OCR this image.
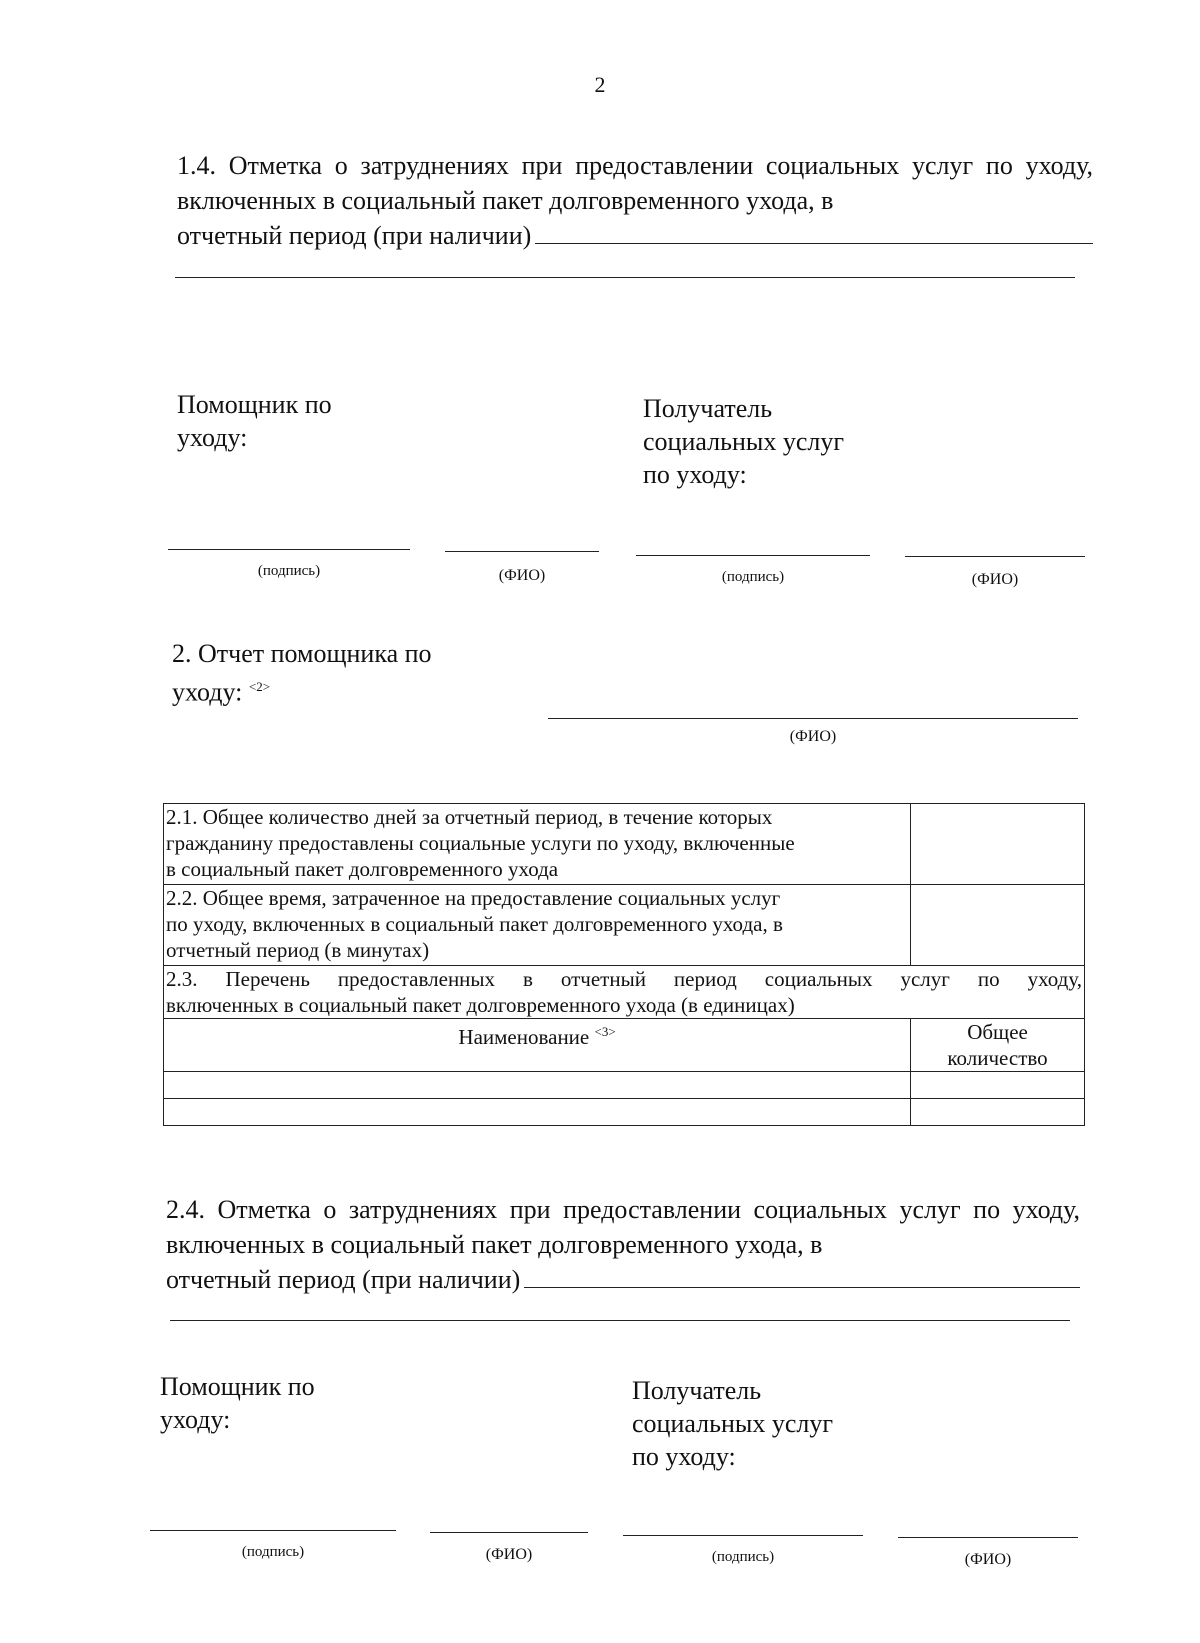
2
1.4. Отметка о затруднениях при предоставлении социальных услуг по уходу, включенных в социальный пакет долговременного ухода, в
отчетный период (при наличии)
Помощник по
уходу:
Получатель
социальных услуг
по уходу:
(подпись)	(ФИО)	(подпись)	(ФИО)
2. Отчет помощника по
уходу: $^{<2>}$
(ФИО)
2.1. Общее количество дней за отчетный период, в течение которых
гражданину предоставлены социальные услуги по уходу, включенные
в социальный пакет долговременного ухода	

2.2. Общее время, затраченное на предоставление социальных услуг
по уходу, включенных в социальный пакет долговременного ухода, в
отчетный период (в минутах)	

2.3. Перечень предоставленных в отчетный период социальных услуг по уходу,
включенных в социальный пакет долговременного ухода (в единицах)	

Наименование $^{<3>}$	Общее
количество

2.4. Отметка о затруднениях при предоставлении социальных услуг по уходу, включенных в социальный пакет долговременного ухода, в
отчетный период (при наличии)
Помощник по
уходу:
Получатель
социальных услуг
по уходу:
(подпись)	(ФИО)	(подпись)	(ФИО)
